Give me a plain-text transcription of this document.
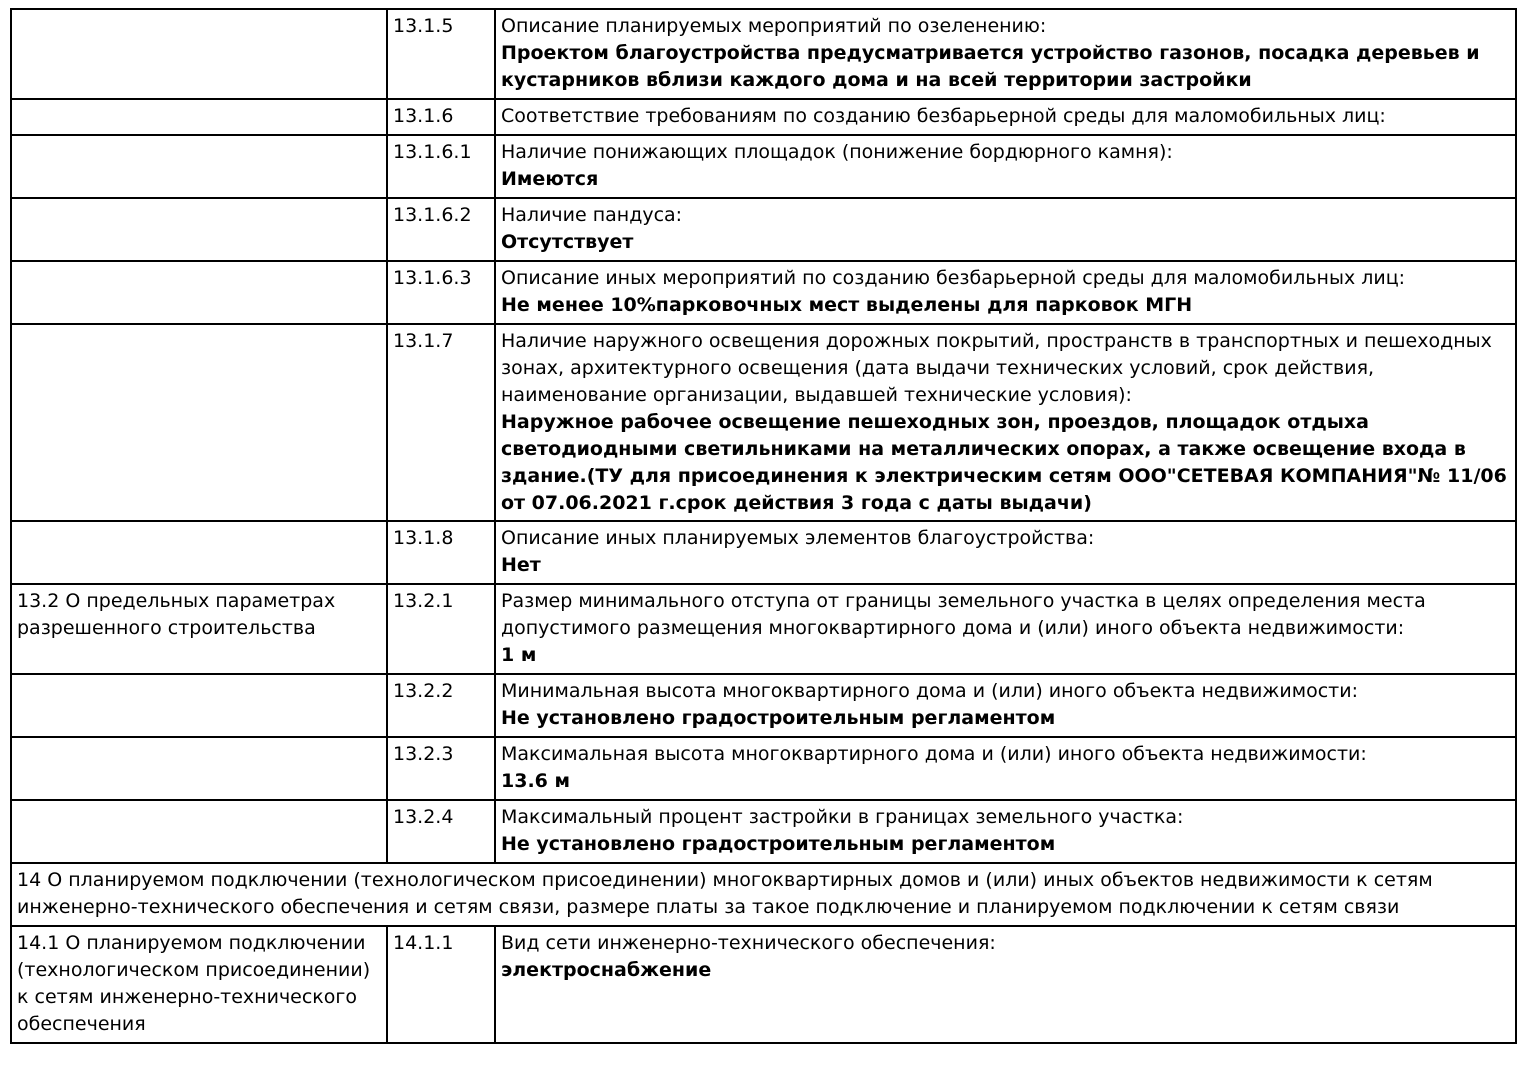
	13.1.5	Описание планируемых мероприятий по озеленению:
Проектом благоустройства предусматривается устройство газонов, посадка деревьев и кустарников вблизи каждого дома и на всей территории застройки

	13.1.6	Соответствие требованиям по созданию безбарьерной среды для маломобильных лиц:

	13.1.6.1	Наличие понижающих площадок (понижение бордюрного камня):
Имеются

	13.1.6.2	Наличие пандуса:
Отсутствует

	13.1.6.3	Описание иных мероприятий по созданию безбарьерной среды для маломобильных лиц:
Не менее 10%парковочных мест выделены для парковок МГН

	13.1.7	Наличие наружного освещения дорожных покрытий, пространств в транспортных и пешеходных зонах, архитектурного освещения (дата выдачи технических условий, срок действия, наименование организации, выдавшей технические условия):
Наружное рабочее освещение пешеходных зон, проездов, площадок отдыха светодиодными светильниками на металлических опорах, а также освещение входа в здание.(ТУ для присоединения к электрическим сетям ООО"СЕТЕВАЯ КОМПАНИЯ"№ 11/06 от 07.06.2021 г.срок действия 3 года с даты выдачи)

	13.1.8	Описание иных планируемых элементов благоустройства:
Нет

13.2 О предельных параметрах разрешенного строительства	13.2.1	Размер минимального отступа от границы земельного участка в целях определения места допустимого размещения многоквартирного дома и (или) иного объекта недвижимости:
1 м

	13.2.2	Минимальная высота многоквартирного дома и (или) иного объекта недвижимости:
Не установлено градостроительным регламентом

	13.2.3	Максимальная высота многоквартирного дома и (или) иного объекта недвижимости:
13.6 м

	13.2.4	Максимальный процент застройки в границах земельного участка:
Не установлено градостроительным регламентом

14 О планируемом подключении (технологическом присоединении) многоквартирных домов и (или) иных объектов недвижимости к сетям инженерно-технического обеспечения и сетям связи, размере платы за такое подключение и планируемом подключении к сетям связи		
14.1 О планируемом подключении (технологическом присоединении) к сетям инженерно-технического обеспечения	14.1.1	Вид сети инженерно-технического обеспечения:
электроснабжение
